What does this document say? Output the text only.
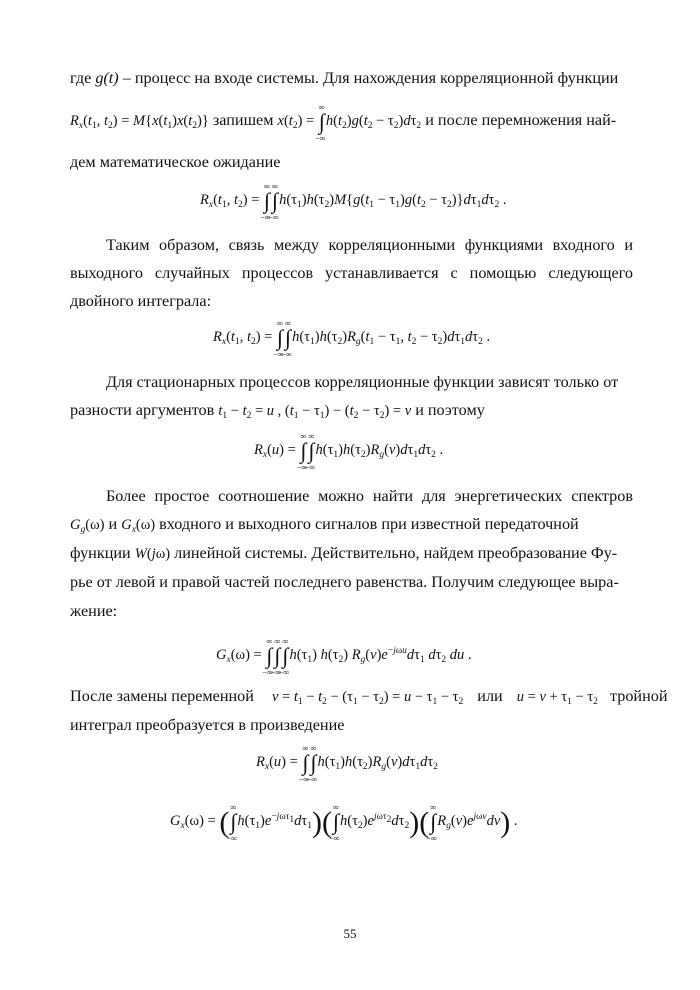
где g(t) – процесс на входе системы. Для нахождения корреляционной функции
$R_x(t_1$, $t_2) = M\{x(t_1)x(t_2)\}$ запишем $x(t_2)$ = ∫
∞
−∞
$h(t_2)g(t_2 - \tau_2)d\tau_2$ и после перемножения най-
дем математическое ожидание
$R_x(t_1$, $t_2$) = ∫
∞
−∞
∫
∞
−∞
$h(\tau_1)h(\tau_2)M\{g(t_1 - \tau_1)g(t_2 - \tau_2)\}d\tau_1d\tau_2$ .
Таким образом, связь между корреляционными функциями входного и
выходного случайных процессов устанавливается с помощью следующего
двойного интеграла:
$R_x(t_1$, $t_2$) = ∫
∞
−∞
∫
∞
−∞
$h(\tau_1)h(\tau_2)R_g(t_1 - \tau_1$, $t_2 - \tau_2)d\tau_1d\tau_2$ .
Для стационарных процессов корреляционные функции зависят только от
разности аргументов $t_1 - t_2 = u$ , $(t_1 - \tau_1) - (t_2 - \tau_2) = v$ и поэтому
$R_x(u)$ = ∫
∞
−∞
∫
∞
−∞
$h(\tau_1)h(\tau_2)R_g(v)d\tau_1d\tau_2$ .
Более простое соотношение можно найти для энергетических спектров
$G_g(\omega)$ и $G_x(\omega)$ входного и выходного сигналов при известной передаточной
функции W(jω) линейной системы. Действительно, найдем преобразование Фу-
рье от левой и правой частей последнего равенства. Получим следующее выра-
жение:
$G_x(\omega)$ = ∫
∞
−∞
∫
∞
−∞
∫
∞
−∞
$h(\tau_1)$ $h(\tau_2)$ $R_g(v)e^{-j\omega u}d\tau_1$ $d\tau_2$ du .
После замены переменной $v = t_1 - t_2 - (\tau_1 - \tau_2) = u - \tau_1 - \tau_2$ или $u = v + \tau_1 - \tau_2$ тройной
интеграл преобразуется в произведение
$R_x(u)$ = ∫
∞
−∞
∫
∞
−∞
$h(\tau_1)h(\tau_2)R_g(v)d\tau_1d\tau_2$
$G_x(\omega)$ = (∫
∞
−∞
$h(\tau_1)e^{-j\omega\tau_1}d\tau_1)(\int$
∞
−∞
$h(\tau_2)e^{j\omega\tau_2}d\tau_2)(\int$
∞
−∞
$R_g(v)e^{j\omega v}dv$) .
55
